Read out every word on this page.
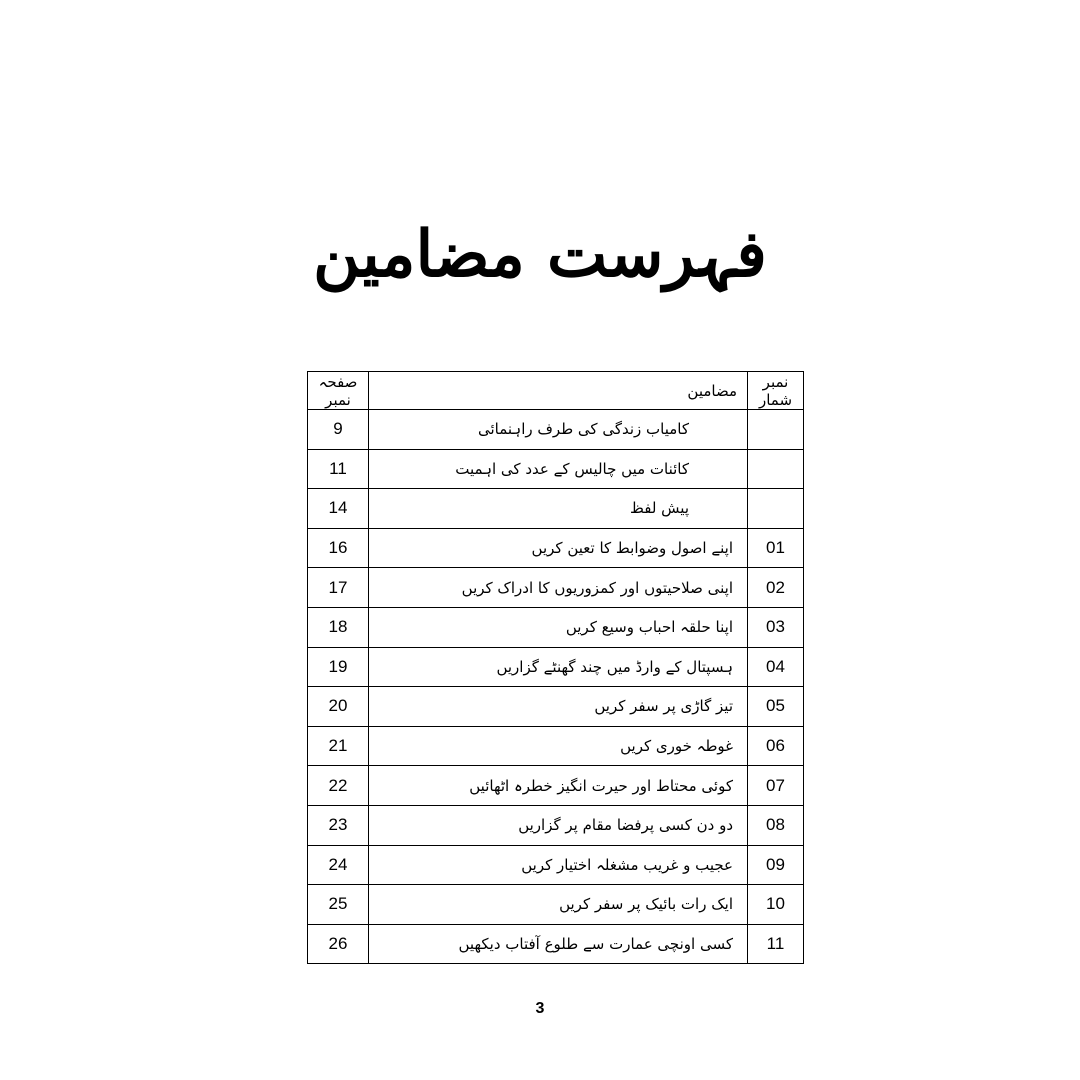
فہرست مضامین
صفحہ نمبر	مضامین	نمبر شمار
9	کامیاب زندگی کی طرف راہنمائی	
11	کائنات میں چالیس کے عدد کی اہمیت	
14	پیش لفظ	
16	اپنے اصول وضوابط کا تعین کریں	01
17	اپنی صلاحیتوں اور کمزوریوں کا ادراک کریں	02
18	اپنا حلقہ احباب وسیع کریں	03
19	ہسپتال کے وارڈ میں چند گھنٹے گزاریں	04
20	تیز گاڑی پر سفر کریں	05
21	غوطہ خوری کریں	06
22	کوئی محتاط اور حیرت انگیز خطرہ اٹھائیں	07
23	دو دن کسی پرفضا مقام پر گزاریں	08
24	عجیب و غریب مشغلہ اختیار کریں	09
25	ایک رات بائیک پر سفر کریں	10
26	کسی اونچی عمارت سے طلوع آفتاب دیکھیں	11
3
